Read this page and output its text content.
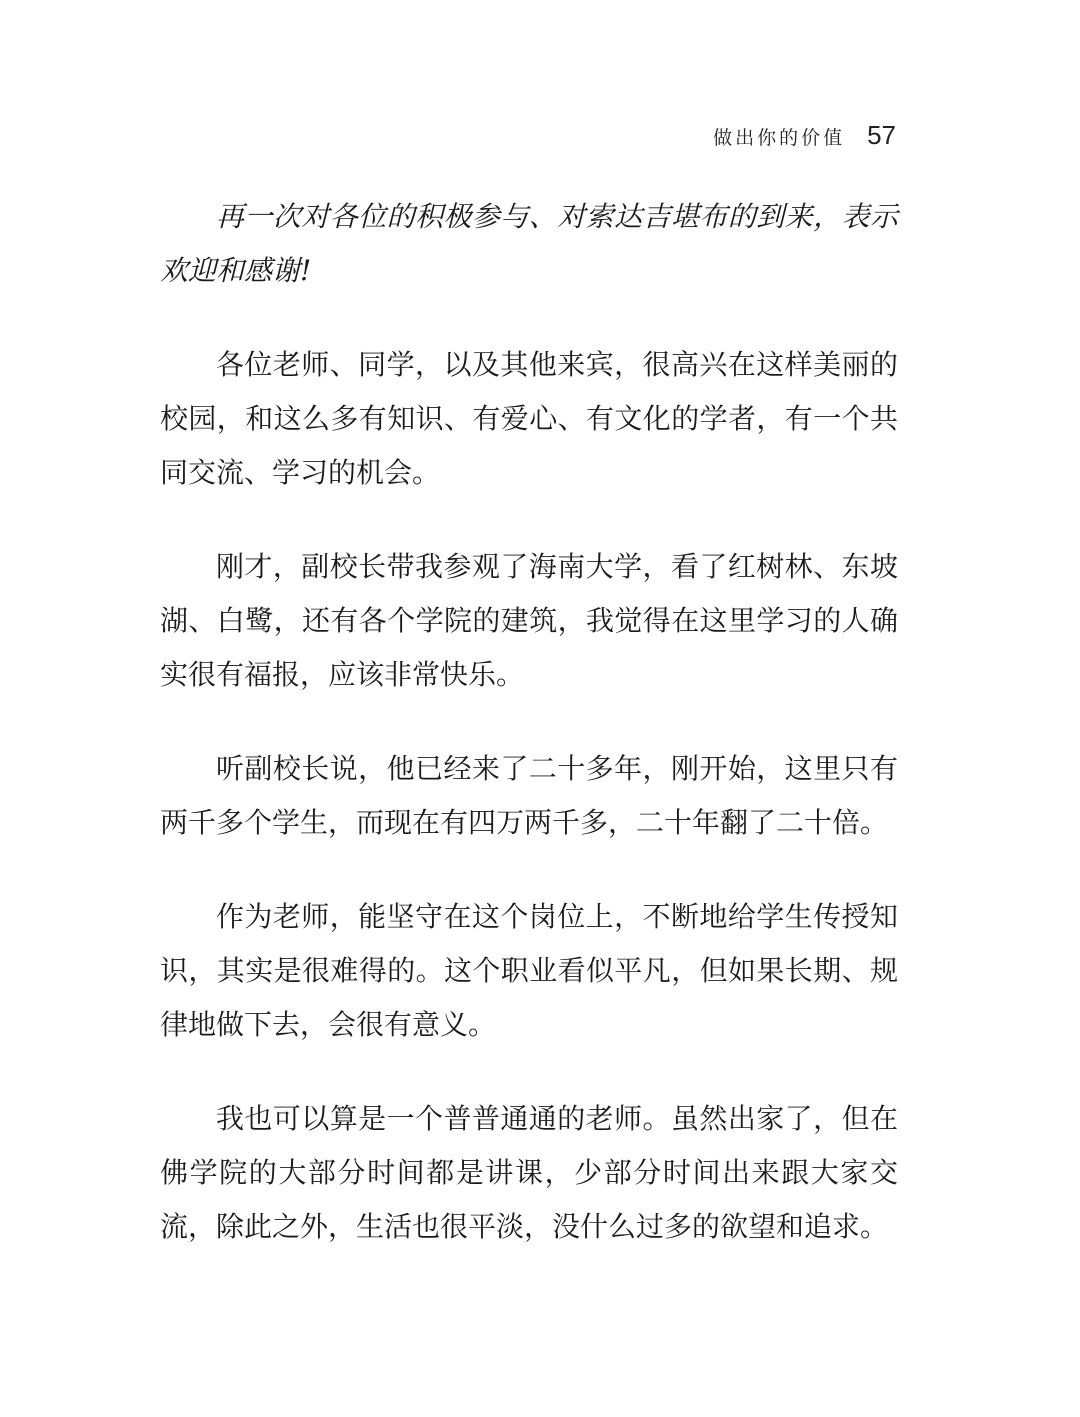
做出你的价值 57

再一次对各位的积极参与、对索达吉堪布的到来，表示欢迎和感谢!

各位老师、同学，以及其他来宾，很高兴在这样美丽的校园，和这么多有知识、有爱心、有文化的学者，有一个共同交流、学习的机会。

刚才，副校长带我参观了海南大学，看了红树林、东坡湖、白鹭，还有各个学院的建筑，我觉得在这里学习的人确实很有福报，应该非常快乐。

听副校长说，他已经来了二十多年，刚开始，这里只有两千多个学生，而现在有四万两千多，二十年翻了二十倍。

作为老师，能坚守在这个岗位上，不断地给学生传授知识，其实是很难得的。这个职业看似平凡，但如果长期、规律地做下去，会很有意义。

我也可以算是一个普普通通的老师。虽然出家了，但在佛学院的大部分时间都是讲课，少部分时间出来跟大家交流，除此之外，生活也很平淡，没什么过多的欲望和追求。
